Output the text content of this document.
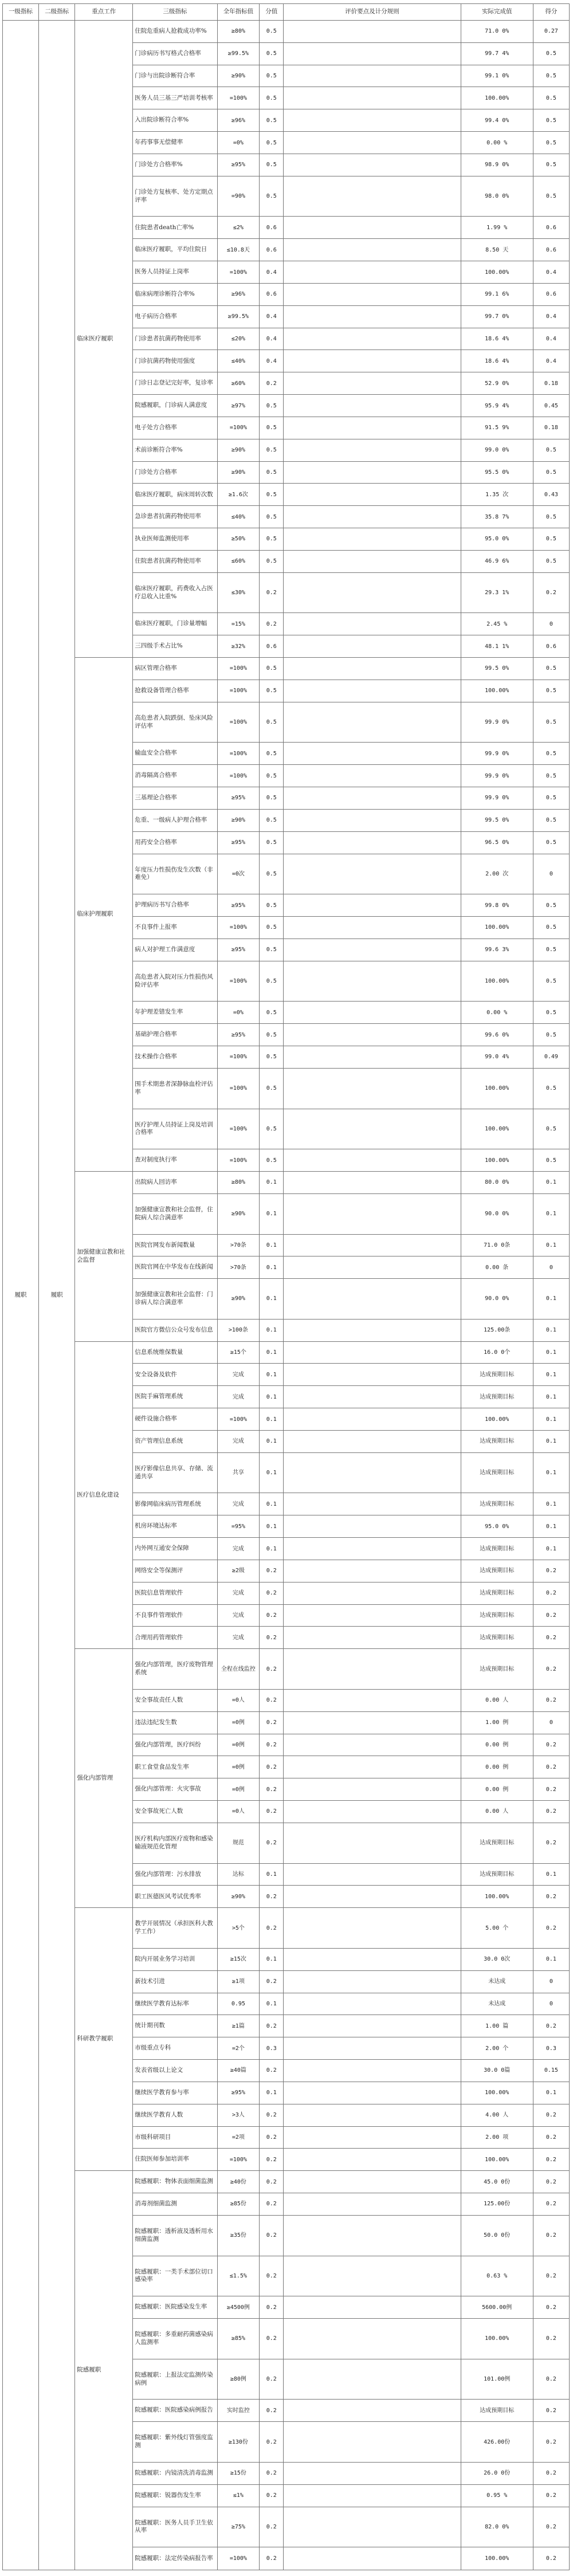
一级指标	二级指标	重点工作	三级指标	全年指标值	分值	评价要点及计分规则	实际完成值	得分
履职	履职	临床医疗履职	住院危重病人抢救成功率%	≥80%	0.5		71.0 0%	0.27
			门诊病历书写格式合格率	≥99.5%	0.5		99.7 4%	0.5
			门诊与出院诊断符合率	≥90%	0.5		99.1 0%	0.5
			医务人员三基三严培训考核率	=100%	0.5		100.00%	0.5
			入出院诊断符合率%	≥96%	0.5		99.4 0%	0.5
			年药事事无偿健率	=0%	0.5		0.00 %	0.5
			门诊处方合格率%	≥95%	0.5		98.9 0%	0.5
			门诊处方复核率、处方定期点评率	=90%	0.5		98.0 0%	0.5
			住院患者death亡率%	≤2%	0.6		1.99 %	0.6
			临床医疗履职，平均住院日	≤10.8天	0.6		8.50 天	0.6
			医务人员持证上岗率	=100%	0.4		100.00%	0.4
			临床病理诊断符合率%	≥96%	0.6		99.1 6%	0.6
			电子病历合格率	≥99.5%	0.4		99.7 0%	0.4
			门诊患者抗菌药物使用率	≤20%	0.4		18.6 4%	0.4
			门诊抗菌药物使用强度	≤40%	0.4		18.6 4%	0.4
			门诊日志登记完好率，复诊率	≥60%	0.2		52.9 0%	0.18
			院感履职，门诊病人满意度	≥97%	0.5		95.9 4%	0.45
			电子处方合格率	=100%	0.5		91.5 9%	0.18
			术前诊断符合率%	≥90%	0.5		99.0 0%	0.5
			门诊处方合格率	≥90%	0.5		95.5 0%	0.5
			临床医疗履职，病床周转次数	≥1.6次	0.5		1.35 次	0.43
			急诊患者抗菌药物使用率	≤40%	0.5		35.8 7%	0.5
			执业医师监测使用率	≥50%	0.5		95.0 0%	0.5
			住院患者抗菌药物使用率	≤60%	0.5		46.9 6%	0.5
			临床医疗履职，药费收入占医疗总收入比重%	≤30%	0.2		29.3 1%	0.2
			临床医疗履职，门诊量增幅	=15%	0.2		2.45 %	0
			三四级手术占比%	≥32%	0.6		48.1 1%	0.6
		临床护理履职	病区管理合格率	=100%	0.5		99.5 0%	0.5
			抢救设备管理合格率	=100%	0.5		100.00%	0.5
			高危患者入院跌倒、坠床风险评估率	=100%	0.5		99.9 0%	0.5
			输血安全合格率	=100%	0.5		99.9 0%	0.5
			消毒隔离合格率	=100%	0.5		99.9 0%	0.5
			三基理论合格率	≥95%	0.5		99.9 0%	0.5
			危重、一级病人护理合格率	≥90%	0.5		99.5 0%	0.5
			用药安全合格率	≥95%	0.5		96.5 0%	0.5
			年度压力性损伤发生次数（非难免）	=0次	0.5		2.00 次	0
			护理病历书写合格率	≥95%	0.5		99.8 0%	0.5
			不良事件上报率	=100%	0.5		100.00%	0.5
			病人对护理工作满意度	≥95%	0.5		99.6 3%	0.5
			高危患者入院对压力性损伤风险评估率	=100%	0.5		100.00%	0.5
			年护理差错发生率	=0%	0.5		0.00 %	0.5
			基础护理合格率	≥95%	0.5		99.6 0%	0.5
			技术操作合格率	=100%	0.5		99.0 4%	0.49
			围手术期患者深静脉血栓评估率	=100%	0.5		100.00%	0.5
			医疗护理人员持证上岗及培训合格率	=100%	0.5		100.00%	0.5
			查对制度执行率	=100%	0.5		100.00%	0.5
		加强健康宣教和社会监督	出院病人回访率	≥80%	0.1		80.0 0%	0.1
			加强健康宣教和社会监督，住院病人综合满意率	≥90%	0.1		90.0 0%	0.1
			医院官网发布新闻数量	>70条	0.1		71.0 0条	0.1
			医院官网在中华发布在线新闻	>70条	0.1		0.00 条	0
			加强健康宣教和社会监督：门诊病人综合满意率	≥90%	0.1		90.0 0%	0.1
			医院官方微信公众号发布信息	>100条	0.1		125.00条	0.1
		医疗信息化建设	信息系统维保数量	≥15个	0.1		16.0 0个	0.1
			安全设备及软件	完成	0.1		达成预期目标	0.1
			医院手麻管理系统	完成	0.1		达成预期目标	0.1
			硬件设施合格率	=100%	0.1		100.00%	0.1
			资产管理信息系统	完成	0.1		达成预期目标	0.1
			医疗影像信息共享、存储、流通共享	共享	0.1		达成预期目标	0.1
			影像网临床病历管理系统	完成	0.1		达成预期目标	0.1
			机房环境达标率	=95%	0.1		95.0 0%	0.1
			内外网互通安全保障	完成	0.1		达成预期目标	0.1
			网络安全等保测评	≥2级	0.2		达成预期目标	0.2
			医院信息管理软件	完成	0.2		达成预期目标	0.2
			不良事件管理软件	完成	0.2		达成预期目标	0.2
			合理用药管理软件	完成	0.2		达成预期目标	0.2
		强化内部管理	强化内部管理，医疗废物管理系统	全程在线监控	0.2		达成预期目标	0.2
			安全事故责任人数	=0人	0.2		0.00 人	0.2
			违法违纪发生数	=0例	0.2		1.00 例	0
			强化内部管理，医疗纠纷	=0例	0.2		0.00 例	0.2
			职工食堂食品发生率	=0例	0.2		0.00 例	0.2
			强化内部管理：火灾事故	=0例	0.2		0.00 例	0.2
			安全事故死亡人数	=0人	0.2		0.00 人	0.2
			医疗机构内部医疗废物和感染输液规范化管理	规范	0.2		达成预期目标	0.2
			强化内部管理：污水排放	达标	0.1		达成预期目标	0.1
			职工医德医风考试优秀率	≥90%	0.2		100.00%	0.2
		科研教学履职	教学开展情况（承担医科大教学工作）	>5个	0.2		5.00 个	0.2
			院内开展业务学习培训	≥15次	0.1		30.0 0次	0.1
			新技术引进	≥1项	0.2		未达成	0
			继续医学教育达标率	0.95	0.1		未达成	0
			统计期刊数	≥1篇	0.2		1.00 篇	0.2
			市级重点专科	=2个	0.3		2.00 个	0.3
			发表省级以上论文	≥40篇	0.2		30.0 0篇	0.15
			继续医学教育参与率	≥95%	0.1		100.00%	0.1
			继续医学教育人数	>3人	0.2		4.00 人	0.2
			市级科研项目	=2项	0.2		2.00 项	0.2
			住院医师参加培训率	=100%	0.2		100.00%	0.2
		院感履职	院感履职：物体表面细菌监测	≥40份	0.2		45.0 0份	0.2
			消毒剂细菌监测	≥85份	0.2		125.00份	0.2
			院感履职：透析液及透析用水细菌监测	≥35份	0.2		50.0 0份	0.2
			院感履职：一类手术部位切口感染率	≤1.5%	0.2		0.63 %	0.2
			院感履职：医院感染发生率	≥4500例	0.2		5600.00例	0.2
			院感履职：多重耐药菌感染病人监测率	≥85%	0.2		100.00%	0.2
			院感履职：上报法定监测传染病例	≥80例	0.2		101.00例	0.2
			院感履职：医院感染病例报告	实时监控	0.2		达成预期目标	0.2
			院感履职：紫外线灯管强度监测	≥130份	0.2		426.00份	0.2
			院感履职：内镜清洗消毒监测	≥15份	0.2		26.0 0份	0.2
			院感履职：锐器伤发生率	≤1%	0.2		0.95 %	0.2
			院感履职：医务人员手卫生依从率	≥75%	0.2		82.0 0%	0.2
			院感履职：法定传染病报告率	=100%	0.2		100.00%	0.2
